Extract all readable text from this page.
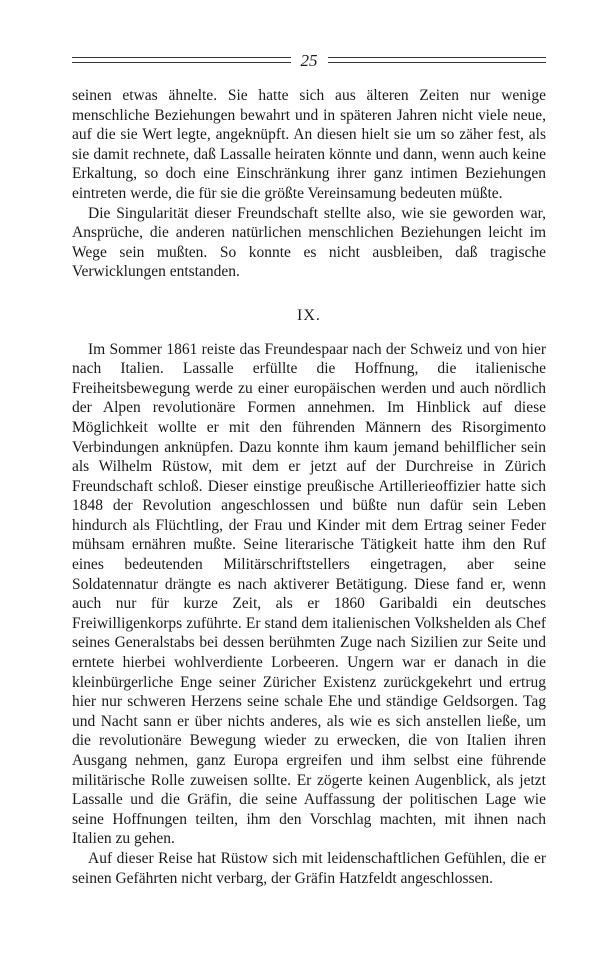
25

seinen etwas ähnelte. Sie hatte sich aus älteren Zeiten nur wenige menschliche Beziehungen bewahrt und in späteren Jahren nicht viele neue, auf die sie Wert legte, angeknüpft. An diesen hielt sie um so zäher fest, als sie damit rechnete, daß Lassalle heiraten könnte und dann, wenn auch keine Erkaltung, so doch eine Einschränkung ihrer ganz intimen Beziehungen eintreten werde, die für sie die größte Vereinsamung bedeuten müßte.

Die Singularität dieser Freundschaft stellte also, wie sie geworden war, Ansprüche, die anderen natürlichen menschlichen Beziehungen leicht im Wege sein mußten. So konnte es nicht ausbleiben, daß tragische Verwicklungen entstanden.

IX.

Im Sommer 1861 reiste das Freundespaar nach der Schweiz und von hier nach Italien. Lassalle erfüllte die Hoffnung, die italienische Freiheitsbewegung werde zu einer europäischen werden und auch nördlich der Alpen revolutionäre Formen annehmen. Im Hinblick auf diese Möglichkeit wollte er mit den führenden Männern des Risorgimento Verbindungen anknüpfen. Dazu konnte ihm kaum jemand behilflicher sein als Wilhelm Rüstow, mit dem er jetzt auf der Durchreise in Zürich Freundschaft schloß. Dieser einstige preußische Artillerieoffizier hatte sich 1848 der Revolution angeschlossen und büßte nun dafür sein Leben hindurch als Flüchtling, der Frau und Kinder mit dem Ertrag seiner Feder mühsam ernähren mußte. Seine literarische Tätigkeit hatte ihm den Ruf eines bedeutenden Militärschriftstellers eingetragen, aber seine Soldatennatur drängte es nach aktiverer Betätigung. Diese fand er, wenn auch nur für kurze Zeit, als er 1860 Garibaldi ein deutsches Freiwilligenkorps zuführte. Er stand dem italienischen Volkshelden als Chef seines Generalstabs bei dessen berühmten Zuge nach Sizilien zur Seite und erntete hierbei wohlverdiente Lorbeeren. Ungern war er danach in die kleinbürgerliche Enge seiner Züricher Existenz zurückgekehrt und ertrug hier nur schweren Herzens seine schale Ehe und ständige Geldsorgen. Tag und Nacht sann er über nichts anderes, als wie es sich anstellen ließe, um die revolutionäre Bewegung wieder zu erwecken, die von Italien ihren Ausgang nehmen, ganz Europa ergreifen und ihm selbst eine führende militärische Rolle zuweisen sollte. Er zögerte keinen Augenblick, als jetzt Lassalle und die Gräfin, die seine Auffassung der politischen Lage wie seine Hoffnungen teilten, ihm den Vorschlag machten, mit ihnen nach Italien zu gehen.

Auf dieser Reise hat Rüstow sich mit leidenschaftlichen Gefühlen, die er seinen Gefährten nicht verbarg, der Gräfin Hatzfeldt angeschlossen.
